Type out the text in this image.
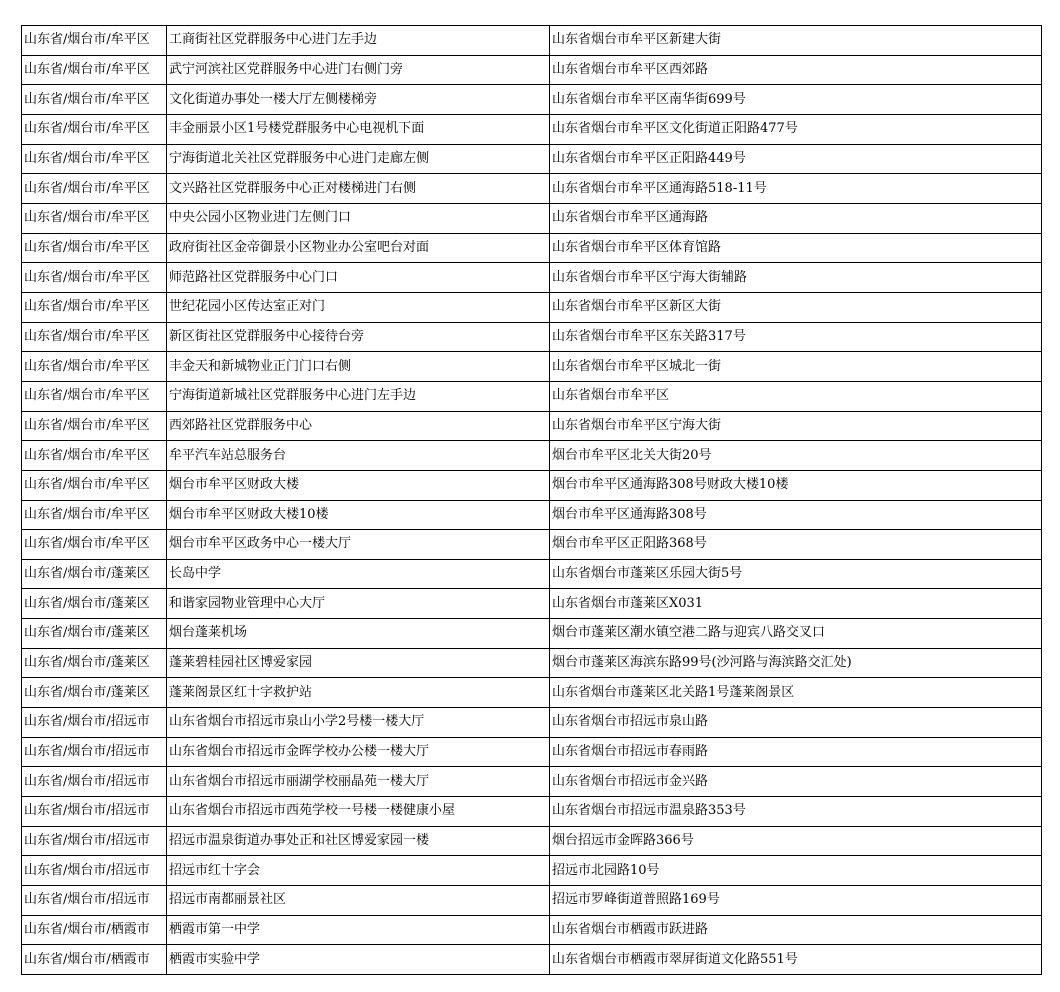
山东省/烟台市/牟平区	工商街社区党群服务中心进门左手边	山东省烟台市牟平区新建大街
山东省/烟台市/牟平区	武宁河滨社区党群服务中心进门右侧门旁	山东省烟台市牟平区西郊路
山东省/烟台市/牟平区	文化街道办事处一楼大厅左侧楼梯旁	山东省烟台市牟平区南华街699号
山东省/烟台市/牟平区	丰金丽景小区1号楼党群服务中心电视机下面	山东省烟台市牟平区文化街道正阳路477号
山东省/烟台市/牟平区	宁海街道北关社区党群服务中心进门走廊左侧	山东省烟台市牟平区正阳路449号
山东省/烟台市/牟平区	文兴路社区党群服务中心正对楼梯进门右侧	山东省烟台市牟平区通海路518-11号
山东省/烟台市/牟平区	中央公园小区物业进门左侧门口	山东省烟台市牟平区通海路
山东省/烟台市/牟平区	政府街社区金帝御景小区物业办公室吧台对面	山东省烟台市牟平区体育馆路
山东省/烟台市/牟平区	师范路社区党群服务中心门口	山东省烟台市牟平区宁海大街辅路
山东省/烟台市/牟平区	世纪花园小区传达室正对门	山东省烟台市牟平区新区大街
山东省/烟台市/牟平区	新区街社区党群服务中心接待台旁	山东省烟台市牟平区东关路317号
山东省/烟台市/牟平区	丰金天和新城物业正门门口右侧	山东省烟台市牟平区城北一街
山东省/烟台市/牟平区	宁海街道新城社区党群服务中心进门左手边	山东省烟台市牟平区
山东省/烟台市/牟平区	西郊路社区党群服务中心	山东省烟台市牟平区宁海大街
山东省/烟台市/牟平区	牟平汽车站总服务台	烟台市牟平区北关大街20号
山东省/烟台市/牟平区	烟台市牟平区财政大楼	烟台市牟平区通海路308号财政大楼10楼
山东省/烟台市/牟平区	烟台市牟平区财政大楼10楼	烟台市牟平区通海路308号
山东省/烟台市/牟平区	烟台市牟平区政务中心一楼大厅	烟台市牟平区正阳路368号
山东省/烟台市/蓬莱区	长岛中学	山东省烟台市蓬莱区乐园大街5号
山东省/烟台市/蓬莱区	和谐家园物业管理中心大厅	山东省烟台市蓬莱区X031
山东省/烟台市/蓬莱区	烟台蓬莱机场	烟台市蓬莱区潮水镇空港二路与迎宾八路交叉口
山东省/烟台市/蓬莱区	蓬莱碧桂园社区博爱家园	烟台市蓬莱区海滨东路99号(沙河路与海滨路交汇处)
山东省/烟台市/蓬莱区	蓬莱阁景区红十字救护站	山东省烟台市蓬莱区北关路1号蓬莱阁景区
山东省/烟台市/招远市	山东省烟台市招远市泉山小学2号楼一楼大厅	山东省烟台市招远市泉山路
山东省/烟台市/招远市	山东省烟台市招远市金晖学校办公楼一楼大厅	山东省烟台市招远市春雨路
山东省/烟台市/招远市	山东省烟台市招远市丽湖学校丽晶苑一楼大厅	山东省烟台市招远市金兴路
山东省/烟台市/招远市	山东省烟台市招远市西苑学校一号楼一楼健康小屋	山东省烟台市招远市温泉路353号
山东省/烟台市/招远市	招远市温泉街道办事处正和社区博爱家园一楼	烟台招远市金晖路366号
山东省/烟台市/招远市	招远市红十字会	招远市北园路10号
山东省/烟台市/招远市	招远市南都丽景社区	招远市罗峰街道普照路169号
山东省/烟台市/栖霞市	栖霞市第一中学	山东省烟台市栖霞市跃进路
山东省/烟台市/栖霞市	栖霞市实验中学	山东省烟台市栖霞市翠屏街道文化路551号
